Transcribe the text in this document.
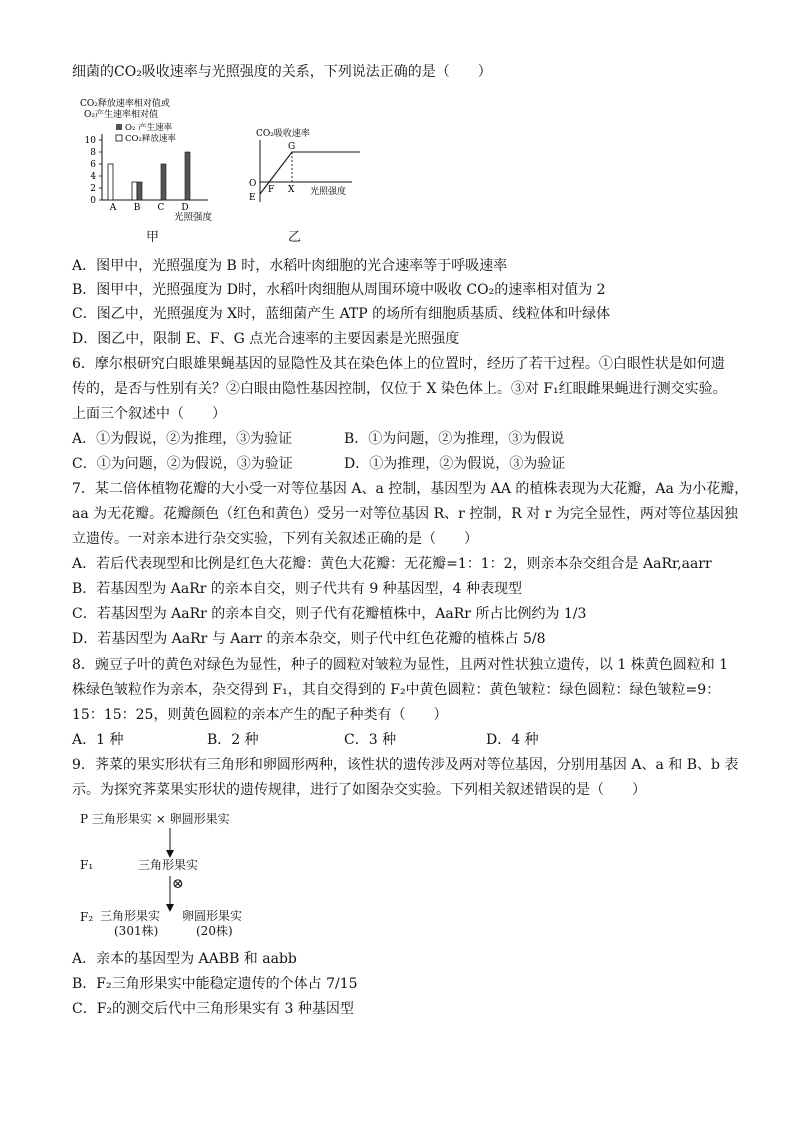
细菌的CO₂吸收速率与光照强度的关系，下列说法正确的是（　　）
CO₂释放速率相对值或
O₂产生速率相对值
O₂ 产生速率
CO₂释放速率
0
2
4
6
8
10
A B C D
光照强度
甲
CO₂吸收速率
O
E
F X
G
光照强度
乙
A．图甲中，光照强度为 B 时，水稻叶肉细胞的光合速率等于呼吸速率
B．图甲中，光照强度为 D时，水稻叶肉细胞从周围环境中吸收 CO₂的速率相对值为 2
C．图乙中，光照强度为 X时，蓝细菌产生 ATP 的场所有细胞质基质、线粒体和叶绿体
D．图乙中，限制 E、F、G 点光合速率的主要因素是光照强度
6．摩尔根研究白眼雄果蝇基因的显隐性及其在染色体上的位置时，经历了若干过程。①白眼性状是如何遗
传的，是否与性别有关？②白眼由隐性基因控制，仅位于 X 染色体上。③对 F₁红眼雌果蝇进行测交实验。
上面三个叙述中（　　）
A．①为假说，②为推理，③为验证	B．①为问题，②为推理，③为假说
C．①为问题，②为假说，③为验证	D．①为推理，②为假说，③为验证
7．某二倍体植物花瓣的大小受一对等位基因 A、a 控制，基因型为 AA 的植株表现为大花瓣，Aa 为小花瓣，
aa 为无花瓣。花瓣颜色（红色和黄色）受另一对等位基因 R、r 控制，R 对 r 为完全显性，两对等位基因独
立遗传。一对亲本进行杂交实验，下列有关叙述正确的是（　　）
A．若后代表现型和比例是红色大花瓣：黄色大花瓣：无花瓣=1：1：2，则亲本杂交组合是 AaRr,aarr
B．若基因型为 AaRr 的亲本自交，则子代共有 9 种基因型，4 种表现型
C．若基因型为 AaRr 的亲本自交，则子代有花瓣植株中，AaRr 所占比例约为 1/3
D．若基因型为 AaRr 与 Aarr 的亲本杂交，则子代中红色花瓣的植株占 5/8
8．豌豆子叶的黄色对绿色为显性，种子的圆粒对皱粒为显性，且两对性状独立遗传，以 1 株黄色圆粒和 1
株绿色皱粒作为亲本，杂交得到 F₁，其自交得到的 F₂中黄色圆粒：黄色皱粒：绿色圆粒：绿色皱粒=9：
15：15：25，则黄色圆粒的亲本产生的配子种类有（　　）
A．1 种	B．2 种	C．3 种	D．4 种
9．荠菜的果实形状有三角形和卵圆形两种，该性状的遗传涉及两对等位基因，分别用基因 A、a 和 B、b 表
示。为探究荠菜果实形状的遗传规律，进行了如图杂交实验。下列相关叙述错误的是（　　）
P 三角形果实 × 卵圆形果实
F₁	三角形果实
⊗
F₂ 三角形果实
(301株)
卵圆形果实
(20株)
A．亲本的基因型为 AABB 和 aabb
B．F₂三角形果实中能稳定遗传的个体占 7/15
C．F₂的测交后代中三角形果实有 3 种基因型
